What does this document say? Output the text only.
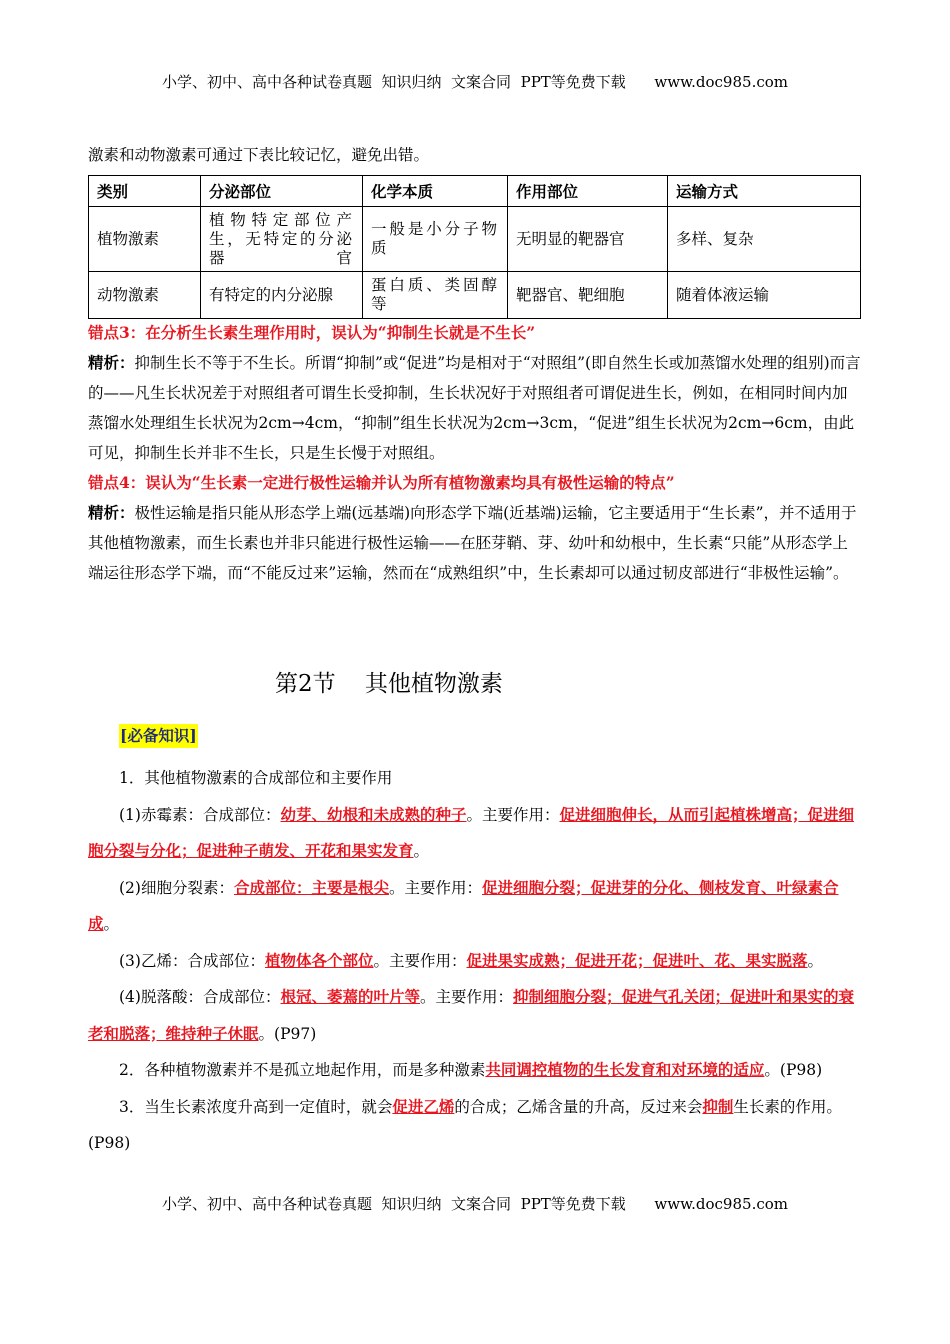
小学、初中、高中各种试卷真题  知识归纳  文案合同  PPT等免费下载      www.doc985.com

激素和动物激素可通过下表比较记忆，避免出错。

类别	分泌部位	化学本质	作用部位	运输方式
植物激素	植物特定部位产生，无特定的分泌器官	一般是小分子物质	无明显的靶器官	多样、复杂
动物激素	有特定的内分泌腺	蛋白质、类固醇等	靶器官、靶细胞	随着体液运输

错点3：在分析生长素生理作用时，误认为“抑制生长就是不生长”

精析：抑制生长不等于不生长。所谓“抑制”或“促进”均是相对于“对照组”(即自然生长或加蒸馏水处理的组别)而言的——凡生长状况差于对照组者可谓生长受抑制，生长状况好于对照组者可谓促进生长，例如，在相同时间内加蒸馏水处理组生长状况为2cm→4cm，“抑制”组生长状况为2cm→3cm，“促进”组生长状况为2cm→6cm，由此可见，抑制生长并非不生长，只是生长慢于对照组。

错点4：误认为“生长素一定进行极性运输并认为所有植物激素均具有极性运输的特点”

精析：极性运输是指只能从形态学上端(远基端)向形态学下端(近基端)运输，它主要适用于“生长素”，并不适用于其他植物激素，而生长素也并非只能进行极性运输——在胚芽鞘、芽、幼叶和幼根中，生长素“只能”从形态学上端运往形态学下端，而“不能反过来”运输，然而在“成熟组织”中，生长素却可以通过韧皮部进行“非极性运输”。

第2节    其他植物激素
[必备知识]

1．其他植物激素的合成部位和主要作用

(1)赤霉素：合成部位：幼芽、幼根和未成熟的种子。主要作用：促进细胞伸长，从而引起植株增高；促进细胞分裂与分化；促进种子萌发、开花和果实发育。

(2)细胞分裂素：合成部位：主要是根尖。主要作用：促进细胞分裂；促进芽的分化、侧枝发育、叶绿素合成。

(3)乙烯：合成部位：植物体各个部位。主要作用：促进果实成熟；促进开花；促进叶、花、果实脱落。

(4)脱落酸：合成部位：根冠、萎蔫的叶片等。主要作用：抑制细胞分裂；促进气孔关闭；促进叶和果实的衰老和脱落；维持种子休眠。(P97)

2．各种植物激素并不是孤立地起作用，而是多种激素共同调控植物的生长发育和对环境的适应。(P98)

3．当生长素浓度升高到一定值时，就会促进乙烯的合成；乙烯含量的升高，反过来会抑制生长素的作用。(P98)

小学、初中、高中各种试卷真题  知识归纳  文案合同  PPT等免费下载      www.doc985.com
